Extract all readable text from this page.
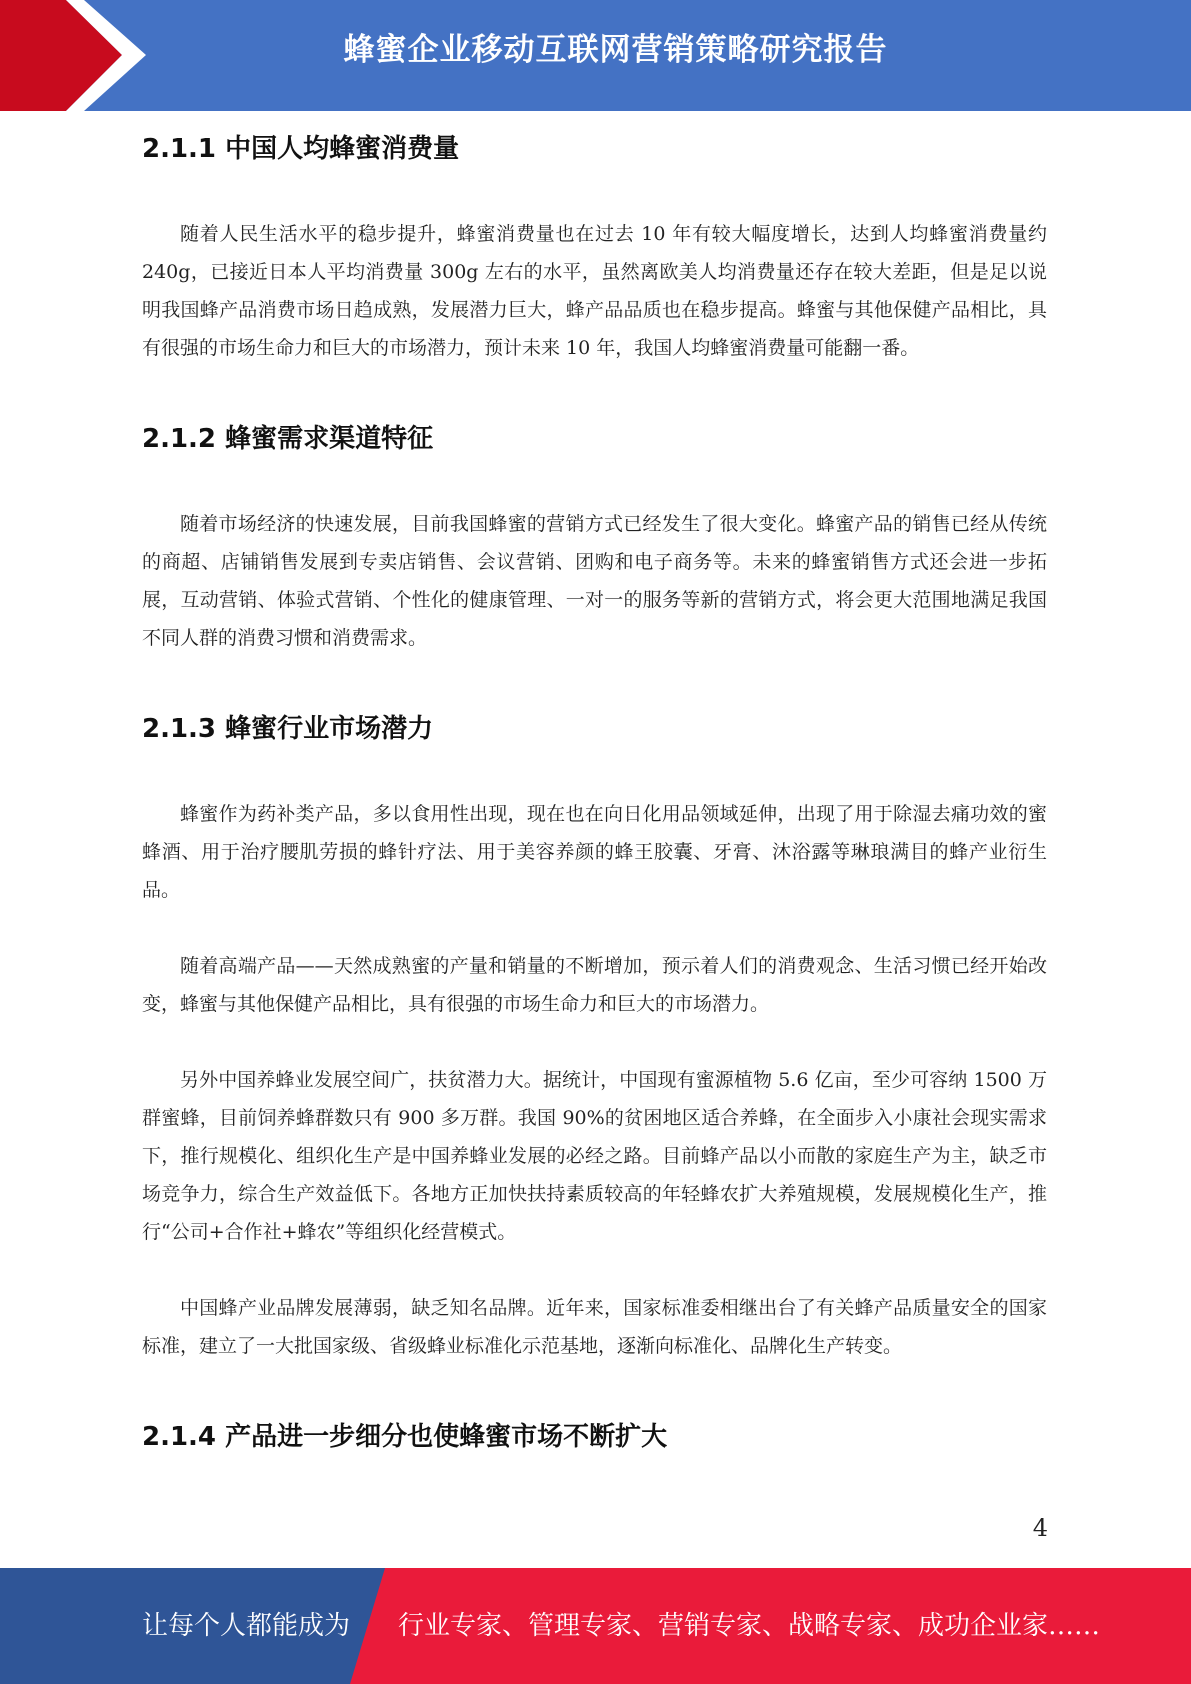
蜂蜜企业移动互联网营销策略研究报告
2.1.1 中国人均蜂蜜消费量

随着人民生活水平的稳步提升，蜂蜜消费量也在过去 10 年有较大幅度增长，达到人均蜂蜜消费量约 240g，已接近日本人平均消费量 300g 左右的水平，虽然离欧美人均消费量还存在较大差距，但是足以说明我国蜂产品消费市场日趋成熟，发展潜力巨大，蜂产品品质也在稳步提高。蜂蜜与其他保健产品相比，具有很强的市场生命力和巨大的市场潜力，预计未来 10 年，我国人均蜂蜜消费量可能翻一番。

2.1.2 蜂蜜需求渠道特征

随着市场经济的快速发展，目前我国蜂蜜的营销方式已经发生了很大变化。蜂蜜产品的销售已经从传统的商超、店铺销售发展到专卖店销售、会议营销、团购和电子商务等。未来的蜂蜜销售方式还会进一步拓展，互动营销、体验式营销、个性化的健康管理、一对一的服务等新的营销方式，将会更大范围地满足我国不同人群的消费习惯和消费需求。

2.1.3 蜂蜜行业市场潜力

蜂蜜作为药补类产品，多以食用性出现，现在也在向日化用品领域延伸，出现了用于除湿去痛功效的蜜蜂酒、用于治疗腰肌劳损的蜂针疗法、用于美容养颜的蜂王胶囊、牙膏、沐浴露等琳琅满目的蜂产业衍生品。

随着高端产品——天然成熟蜜的产量和销量的不断增加，预示着人们的消费观念、生活习惯已经开始改变，蜂蜜与其他保健产品相比，具有很强的市场生命力和巨大的市场潜力。

另外中国养蜂业发展空间广，扶贫潜力大。据统计，中国现有蜜源植物 5.6 亿亩，至少可容纳 1500 万群蜜蜂，目前饲养蜂群数只有 900 多万群。我国 90%的贫困地区适合养蜂，在全面步入小康社会现实需求下，推行规模化、组织化生产是中国养蜂业发展的必经之路。目前蜂产品以小而散的家庭生产为主，缺乏市场竞争力，综合生产效益低下。各地方正加快扶持素质较高的年轻蜂农扩大养殖规模，发展规模化生产，推行“公司+合作社+蜂农”等组织化经营模式。

中国蜂产业品牌发展薄弱，缺乏知名品牌。近年来，国家标准委相继出台了有关蜂产品质量安全的国家标准，建立了一大批国家级、省级蜂业标准化示范基地，逐渐向标准化、品牌化生产转变。

2.1.4 产品进一步细分也使蜂蜜市场不断扩大
4
让每个人都能成为 行业专家、管理专家、营销专家、战略专家、成功企业家……
